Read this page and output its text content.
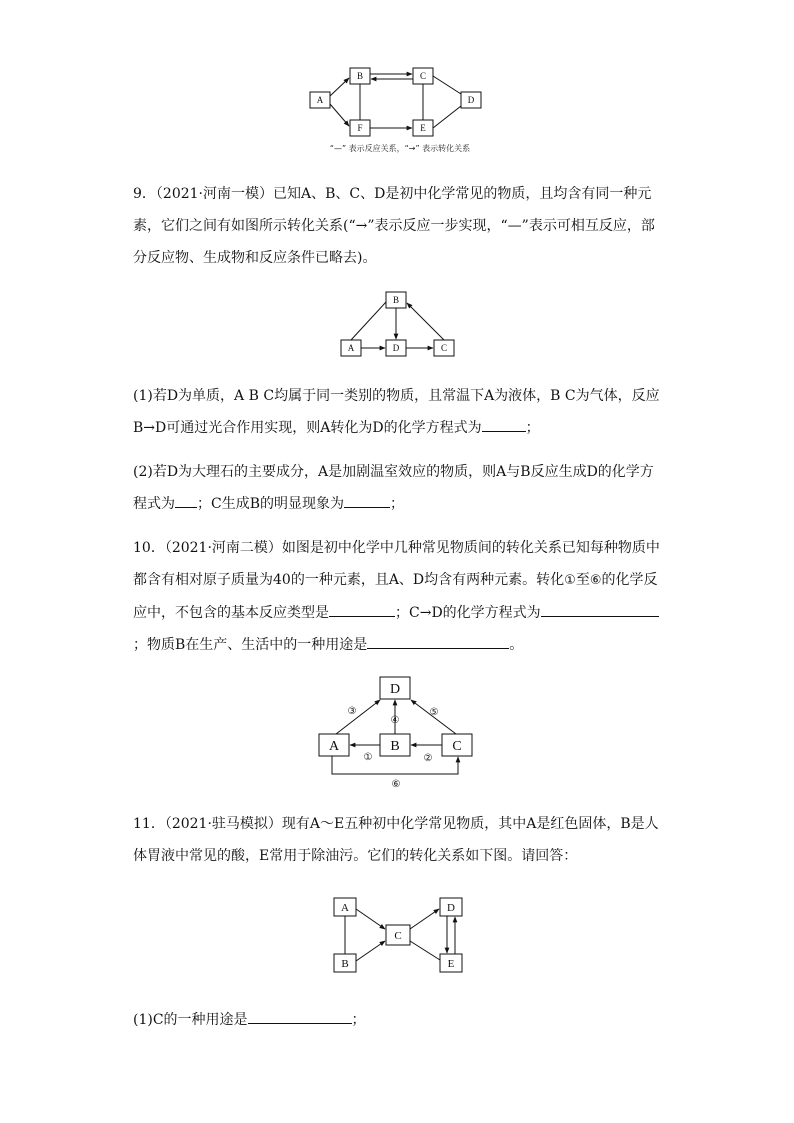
A
B
F
C
E
D
“—” 表示反应关系，“→” 表示转化关系

9．（2021·河南一模）已知A、B、C、D是初中化学常见的物质，且均含有同一种元素，它们之间有如图所示转化关系(“→”表示反应一步实现，“—”表示可相互反应，部分反应物、生成物和反应条件已略去)。

B
A	D	C

(1)若D为单质，A B C均属于同一类别的物质，且常温下A为液体，B C为气体，反应B→D可通过光合作用实现，则A转化为D的化学方程式为	；

(2)若D为大理石的主要成分，A是加剧温室效应的物质，则A与B反应生成D的化学方程式为 ；C生成B的明显现象为	；

10．（2021·河南二模）如图是初中化学中几种常见物质间的转化关系已知每种物质中都含有相对原子质量为40的一种元素，且A、D均含有两种元素。转化①至⑥的化学反应中，不包含的基本反应类型是	；C→D的化学方程式为；物质B在生产、生活中的一种用途是	。

D
A	B	C
③
④
⑤
①	②
⑥

11．（2021·驻马模拟）现有A～E五种初中化学常见物质，其中A是红色固体，B是人体胃液中常见的酸，E常用于除油污。它们的转化关系如下图。请回答：

A
B
C
D
E

(1)C的一种用途是	；
